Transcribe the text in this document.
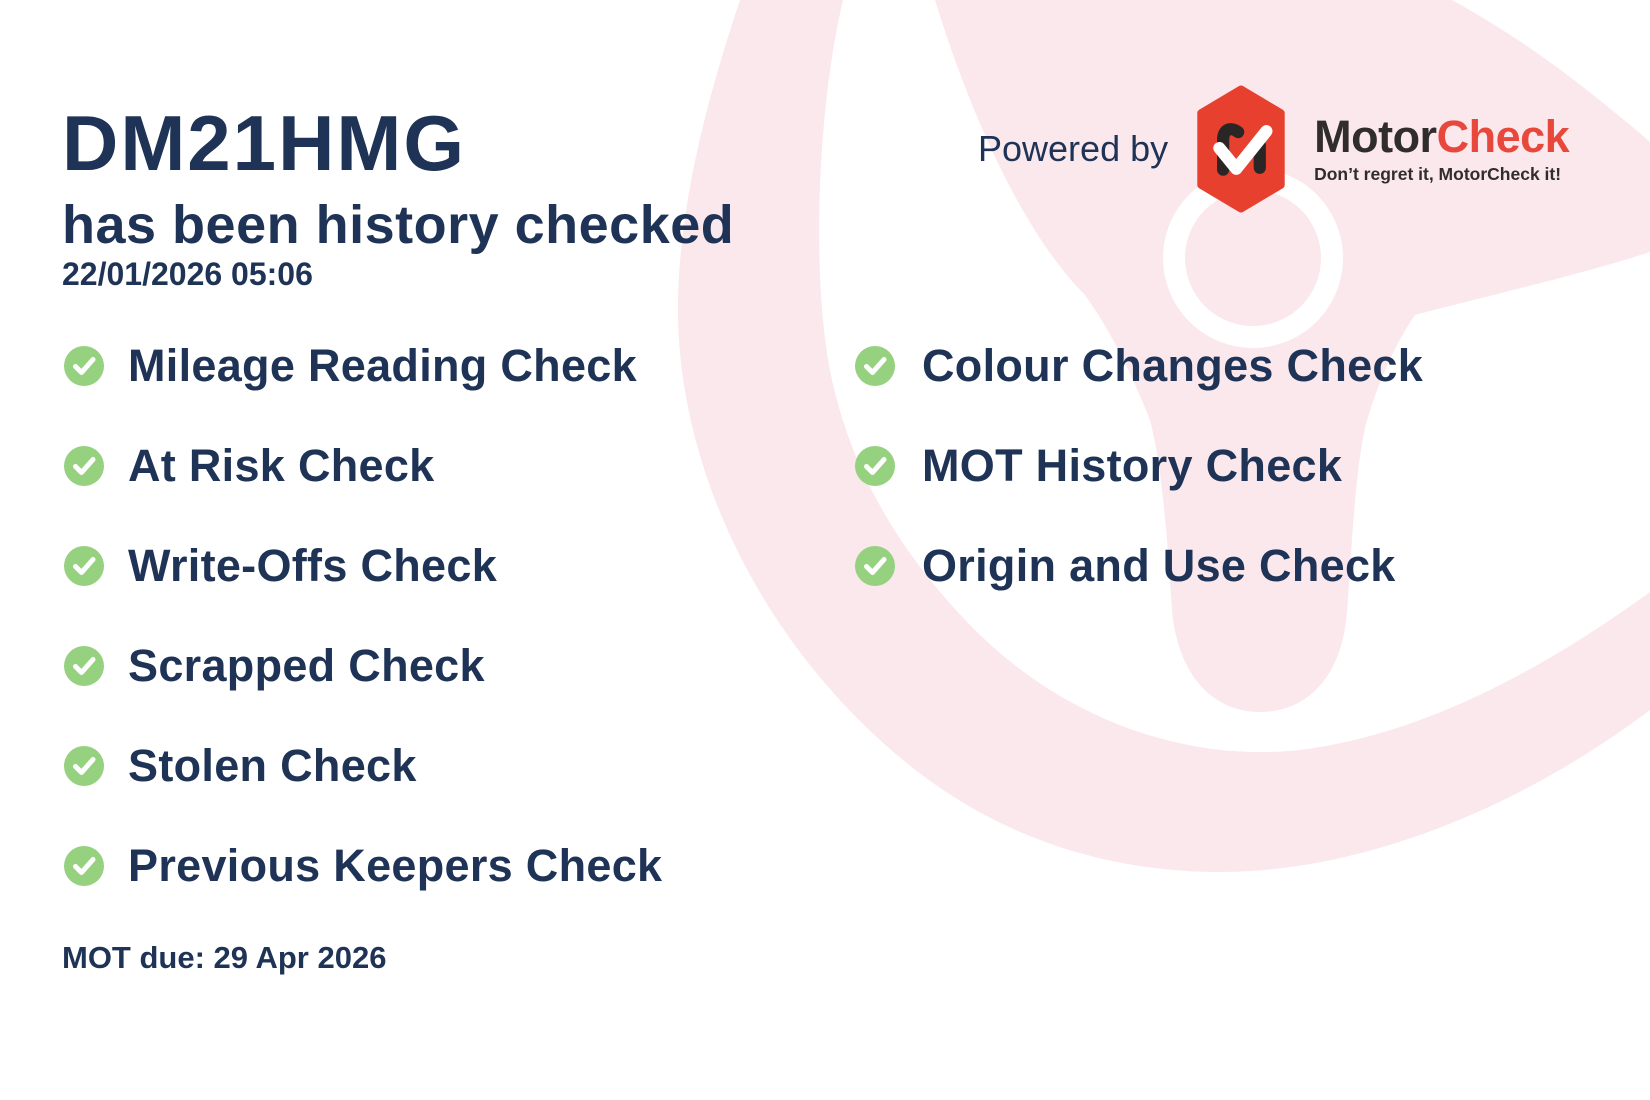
DM21HMG
has been history checked
22/01/2026 05:06
Powered by	MotorCheck
Don’t regret it, MotorCheck it!
Mileage Reading Check
At Risk Check
Write-Offs Check
Scrapped Check
Stolen Check
Previous Keepers Check
Colour Changes Check
MOT History Check
Origin and Use Check
MOT due: 29 Apr 2026
